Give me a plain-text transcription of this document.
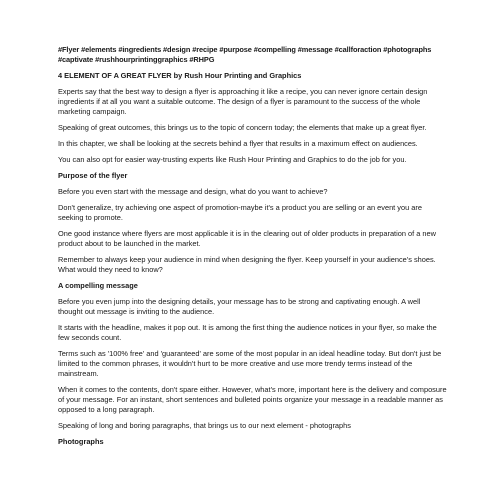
#Flyer #elements #ingredients #design #recipe #purpose #compelling #message #callforaction #photographs #captivate #rushhourprintinggraphics #RHPG
4 ELEMENT OF A GREAT FLYER by Rush Hour Printing and Graphics

Experts say that the best way to design a flyer is approaching it like a recipe, you can never ignore certain design ingredients if at all you want a suitable outcome. The design of a flyer is paramount to the success of the whole marketing campaign.

Speaking of great outcomes, this brings us to the topic of concern today; the elements that make up a great flyer.

In this chapter, we shall be looking at the secrets behind a flyer that results in a maximum effect on audiences.

You can also opt for easier way-trusting experts like Rush Hour Printing and Graphics to do the job for you.

Purpose of the flyer

Before you even start with the message and design, what do you want to achieve?

Don't generalize, try achieving one aspect of promotion-maybe it's a product you are selling or an event you are seeking to promote.

One good instance where flyers are most applicable it is in the clearing out of older products in preparation of a new product about to be launched in the market.

Remember to always keep your audience in mind when designing the flyer. Keep yourself in your audience's shoes. What would they need to know?

A compelling message

Before you even jump into the designing details, your message has to be strong and captivating enough. A well thought out message is inviting to the audience.

It starts with the headline, makes it pop out. It is among the first thing the audience notices in your flyer, so make the few seconds count.

Terms such as '100% free' and 'guaranteed' are some of the most popular in an ideal headline today. But don't just be limited to the common phrases, it wouldn't hurt to be more creative and use more trendy terms instead of the mainstream.

When it comes to the contents, don't spare either. However, what's more, important here is the delivery and composure of your message. For an instant, short sentences and bulleted points organize your message in a readable manner as opposed to a long paragraph.

Speaking of long and boring paragraphs, that brings us to our next element - photographs

Photographs
